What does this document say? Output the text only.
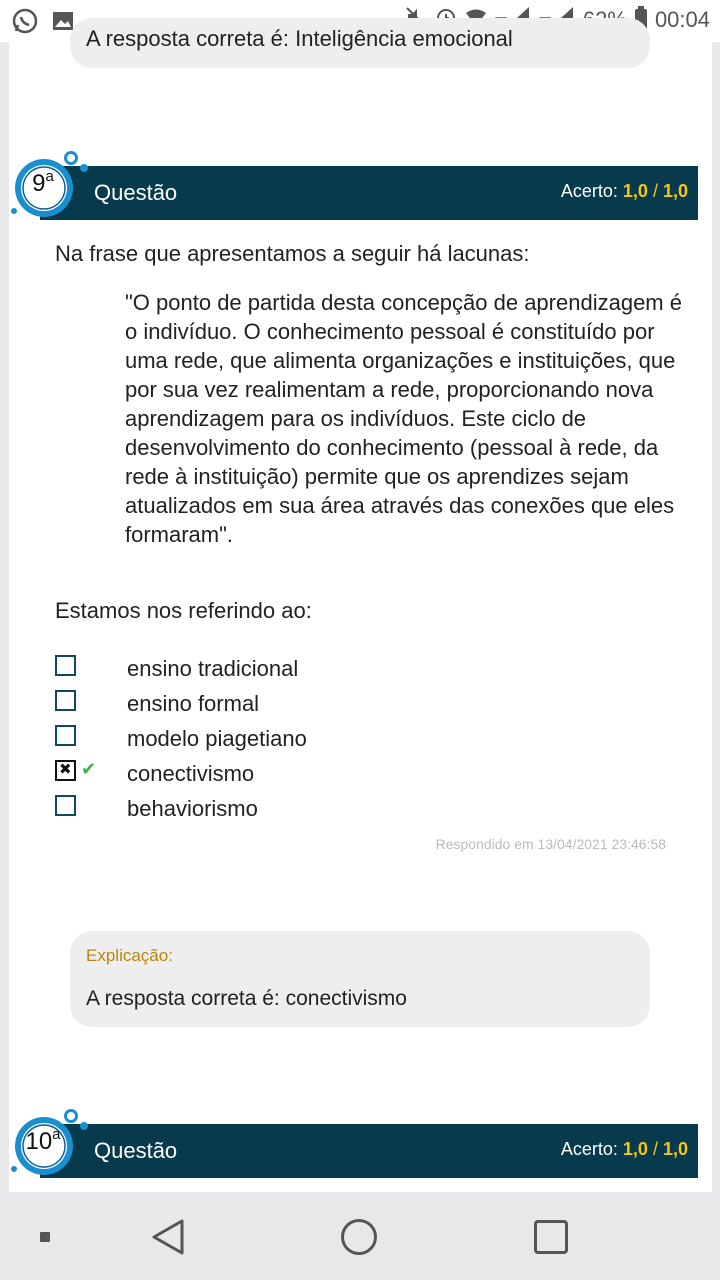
00:04
A resposta correta é: Inteligência emocional
Questão	Acerto: 1,0 / 1,0
9$^a$
Na frase que apresentamos a seguir há lacunas:
"O ponto de partida desta concepção de aprendizagem é o indivíduo. O conhecimento pessoal é constituído por uma rede, que alimenta organizações e instituições, que por sua vez realimentam a rede, proporcionando nova aprendizagem para os indivíduos. Este ciclo de desenvolvimento do conhecimento (pessoal à rede, da rede à instituição) permite que os aprendizes sejam atualizados em sua área através das conexões que eles formaram".
Estamos nos referindo ao:
ensino tradicional
ensino formal
modelo piagetiano
✖
✔ conectivismo
behaviorismo
Respondido em 13/04/2021 23:46:58
Explicação:
A resposta correta é: conectivismo
Questão	Acerto: 1,0 / 1,0
10$^a$
